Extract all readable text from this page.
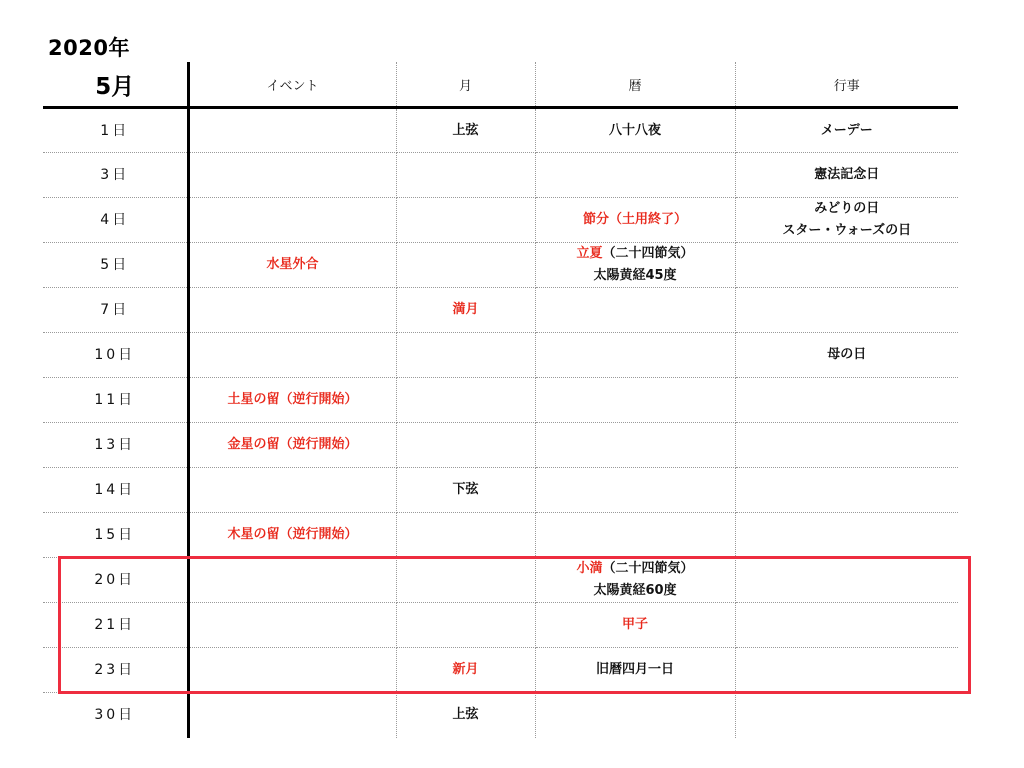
2020年
5月	イベント	月	暦	行事
1日		上弦	八十八夜	メーデー

3日				憲法記念日

4日			節分（土用終了）	みどりの日
スター・ウォーズの日

5日	水星外合		立夏（二十四節気）
太陽黄経45度	

7日		満月		
10日				母の日

11日	土星の留（逆行開始）			
13日	金星の留（逆行開始）			
14日		下弦		
15日	木星の留（逆行開始）			
20日			小満（二十四節気）
太陽黄経60度	

21日			甲子	

23日		新月	旧暦四月一日	

30日		上弦		
